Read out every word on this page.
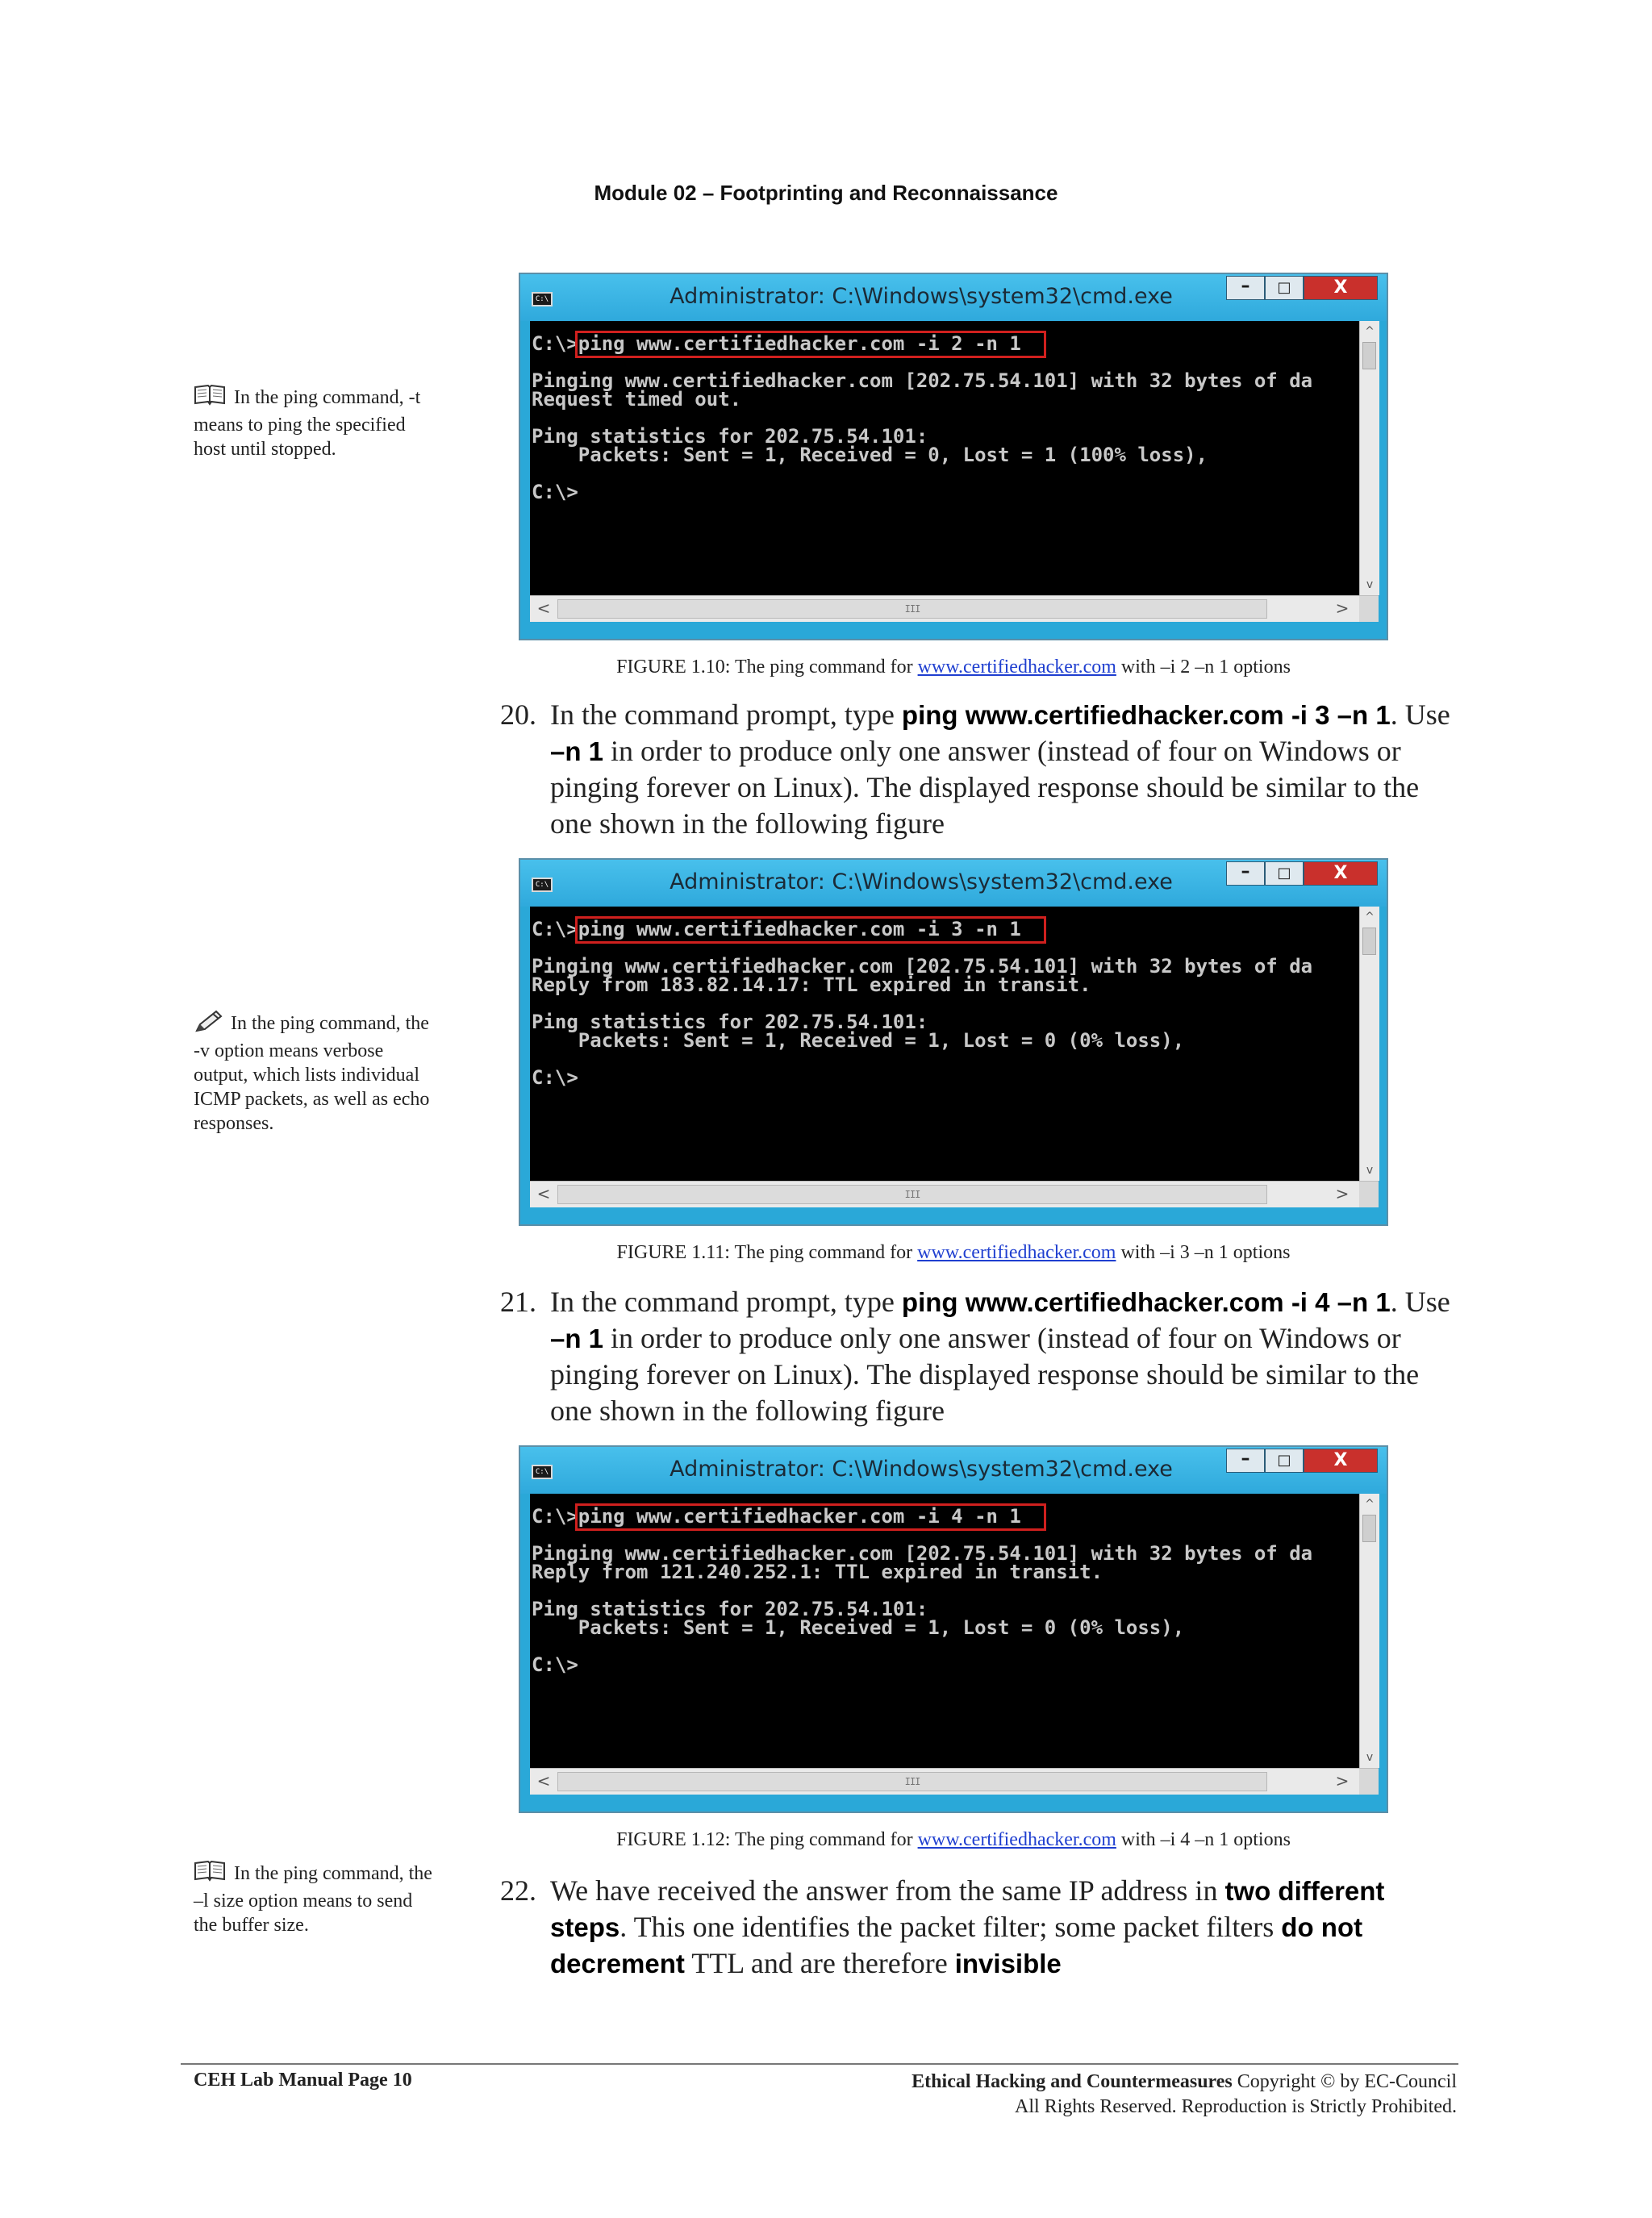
Module 02 – Footprinting and Reconnaissance
In the ping command, -t means to ping the specified host until stopped.
In the ping command, the -v option means verbose output, which lists individual ICMP packets, as well as echo responses.
In the ping command, the –l size option means to send the buffer size.
C:\	Administrator: C:\Windows\system32\cmd.exe	–	□	X
C:\>ping www.certifiedhacker.com -i 2 -n 1
Pinging www.certifiedhacker.com [202.75.54.101] with 32 bytes of da
Request timed out.
Ping statistics for 202.75.54.101:
Packets: Sent = 1, Received = 0, Lost = 1 (100% loss),
C:\>
^
v
<	III	>
FIGURE 1.10: The ping command for www.certifiedhacker.com with –i 2 –n 1 options
20. In the command prompt, type ping www.certifiedhacker.com -i 3 –n 1. Use –n 1 in order to produce only one answer (instead of four on Windows or pinging forever on Linux). The displayed response should be similar to the one shown in the following figure
C:\	Administrator: C:\Windows\system32\cmd.exe	–	□	X
C:\>ping www.certifiedhacker.com -i 3 -n 1
Pinging www.certifiedhacker.com [202.75.54.101] with 32 bytes of da
Reply from 183.82.14.17: TTL expired in transit.
Ping statistics for 202.75.54.101:
Packets: Sent = 1, Received = 1, Lost = 0 (0% loss),
C:\>
^
v
<	III	>
FIGURE 1.11: The ping command for www.certifiedhacker.com with –i 3 –n 1 options
21. In the command prompt, type ping www.certifiedhacker.com -i 4 –n 1. Use –n 1 in order to produce only one answer (instead of four on Windows or pinging forever on Linux). The displayed response should be similar to the one shown in the following figure
C:\	Administrator: C:\Windows\system32\cmd.exe	–	□	X
C:\>ping www.certifiedhacker.com -i 4 -n 1
Pinging www.certifiedhacker.com [202.75.54.101] with 32 bytes of da
Reply from 121.240.252.1: TTL expired in transit.
Ping statistics for 202.75.54.101:
Packets: Sent = 1, Received = 1, Lost = 0 (0% loss),
C:\>
^
v
<	III	>
FIGURE 1.12: The ping command for www.certifiedhacker.com with –i 4 –n 1 options
22. We have received the answer from the same IP address in two different steps. This one identifies the packet filter; some packet filters do not decrement TTL and are therefore invisible
CEH Lab Manual Page 10	Ethical Hacking and Countermeasures Copyright © by EC-Council
All Rights Reserved. Reproduction is Strictly Prohibited.
